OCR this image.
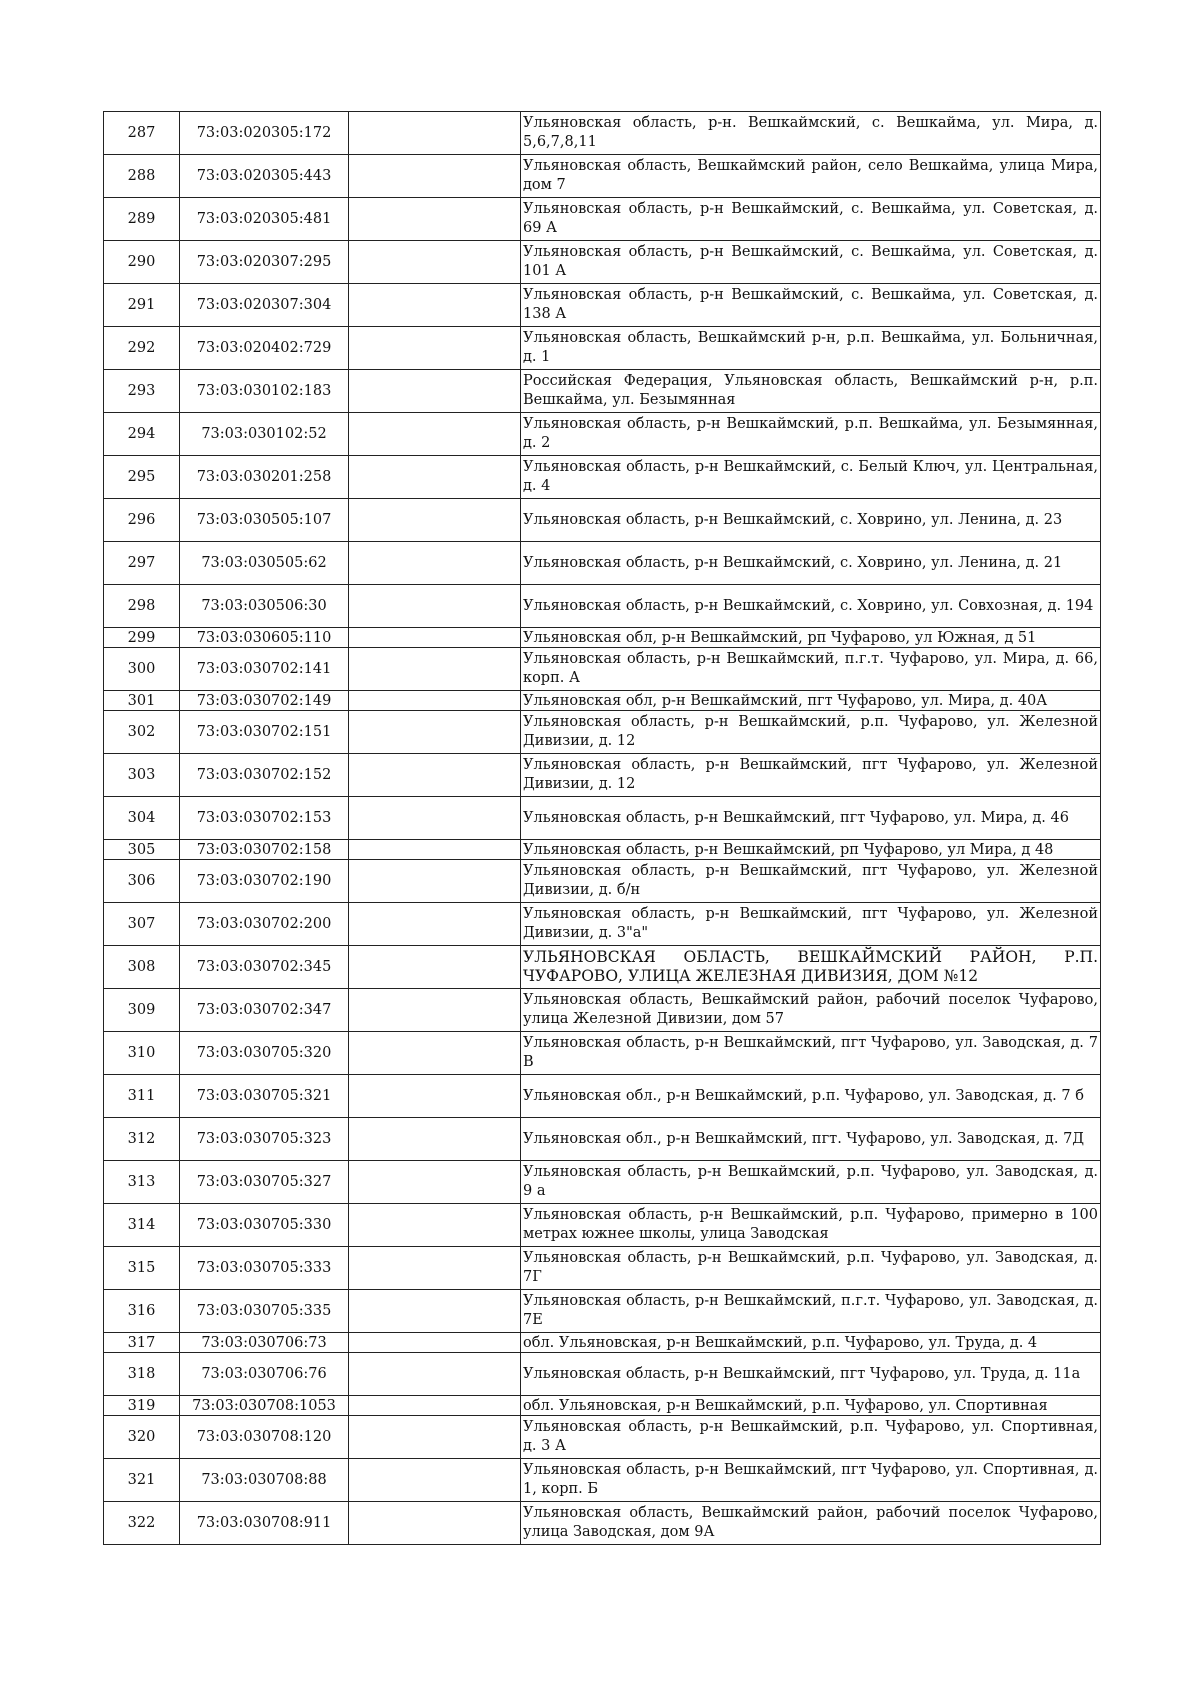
287	73:03:020305:172		Ульяновская область, р-н. Вешкаймский, с. Вешкайма, ул. Мира, д. 5,6,7,8,11
288	73:03:020305:443		Ульяновская область, Вешкаймский район, село Вешкайма, улица Мира, дом 7
289	73:03:020305:481		Ульяновская область, р-н Вешкаймский, с. Вешкайма, ул. Советская, д. 69 А
290	73:03:020307:295		Ульяновская область, р-н Вешкаймский, с. Вешкайма, ул. Советская, д. 101 А
291	73:03:020307:304		Ульяновская область, р-н Вешкаймский, с. Вешкайма, ул. Советская, д. 138 А
292	73:03:020402:729		Ульяновская область, Вешкаймский р-н, р.п. Вешкайма, ул. Больничная, д. 1
293	73:03:030102:183		Российская Федерация, Ульяновская область, Вешкаймский р-н, р.п. Вешкайма, ул. Безымянная
294	73:03:030102:52		Ульяновская область, р-н Вешкаймский, р.п. Вешкайма, ул. Безымянная, д. 2
295	73:03:030201:258		Ульяновская область, р-н Вешкаймский, с. Белый Ключ, ул. Центральная, д. 4
296	73:03:030505:107		Ульяновская область, р-н Вешкаймский, с. Ховрино, ул. Ленина, д. 23
297	73:03:030505:62		Ульяновская область, р-н Вешкаймский, с. Ховрино, ул. Ленина, д. 21
298	73:03:030506:30		Ульяновская область, р-н Вешкаймский, с. Ховрино, ул. Совхозная, д. 194
299	73:03:030605:110		Ульяновская обл, р-н Вешкаймский, рп Чуфарово, ул Южная, д 51
300	73:03:030702:141		Ульяновская область, р-н Вешкаймский, п.г.т. Чуфарово, ул. Мира, д. 66, корп. А
301	73:03:030702:149		Ульяновская обл, р-н Вешкаймский, пгт Чуфарово, ул. Мира, д. 40А
302	73:03:030702:151		Ульяновская область, р-н Вешкаймский, р.п. Чуфарово, ул. Железной Дивизии, д. 12
303	73:03:030702:152		Ульяновская область, р-н Вешкаймский, пгт Чуфарово, ул. Железной Дивизии, д. 12
304	73:03:030702:153		Ульяновская область, р-н Вешкаймский, пгт Чуфарово, ул. Мира, д. 46
305	73:03:030702:158		Ульяновская область, р-н Вешкаймский, рп Чуфарово, ул Мира, д 48
306	73:03:030702:190		Ульяновская область, р-н Вешкаймский, пгт Чуфарово, ул. Железной Дивизии, д. б/н
307	73:03:030702:200		Ульяновская область, р-н Вешкаймский, пгт Чуфарово, ул. Железной Дивизии, д. 3"а"
308	73:03:030702:345		УЛЬЯНОВСКАЯ ОБЛАСТЬ, ВЕШКАЙМСКИЙ РАЙОН, Р.П. ЧУФАРОВО, УЛИЦА ЖЕЛЕЗНАЯ ДИВИЗИЯ, ДОМ №12
309	73:03:030702:347		Ульяновская область, Вешкаймский район, рабочий поселок Чуфарово, улица Железной Дивизии, дом 57
310	73:03:030705:320		Ульяновская область, р-н Вешкаймский, пгт Чуфарово, ул. Заводская, д. 7 В
311	73:03:030705:321		Ульяновская обл., р-н Вешкаймский, р.п. Чуфарово, ул. Заводская, д. 7 б
312	73:03:030705:323		Ульяновская обл., р-н Вешкаймский, пгт. Чуфарово, ул. Заводская, д. 7Д
313	73:03:030705:327		Ульяновская область, р-н Вешкаймский, р.п. Чуфарово, ул. Заводская, д. 9 а
314	73:03:030705:330		Ульяновская область, р-н Вешкаймский, р.п. Чуфарово, примерно в 100 метрах южнее школы, улица Заводская
315	73:03:030705:333		Ульяновская область, р-н Вешкаймский, р.п. Чуфарово, ул. Заводская, д. 7Г
316	73:03:030705:335		Ульяновская область, р-н Вешкаймский, п.г.т. Чуфарово, ул. Заводская, д. 7Е
317	73:03:030706:73		обл. Ульяновская, р-н Вешкаймский, р.п. Чуфарово, ул. Труда, д. 4
318	73:03:030706:76		Ульяновская область, р-н Вешкаймский, пгт Чуфарово, ул. Труда, д. 11а
319	73:03:030708:1053		обл. Ульяновская, р-н Вешкаймский, р.п. Чуфарово, ул. Спортивная
320	73:03:030708:120		Ульяновская область, р-н Вешкаймский, р.п. Чуфарово, ул. Спортивная, д. 3 А
321	73:03:030708:88		Ульяновская область, р-н Вешкаймский, пгт Чуфарово, ул. Спортивная, д. 1, корп. Б
322	73:03:030708:911		Ульяновская область, Вешкаймский район, рабочий поселок Чуфарово, улица Заводская, дом 9А
